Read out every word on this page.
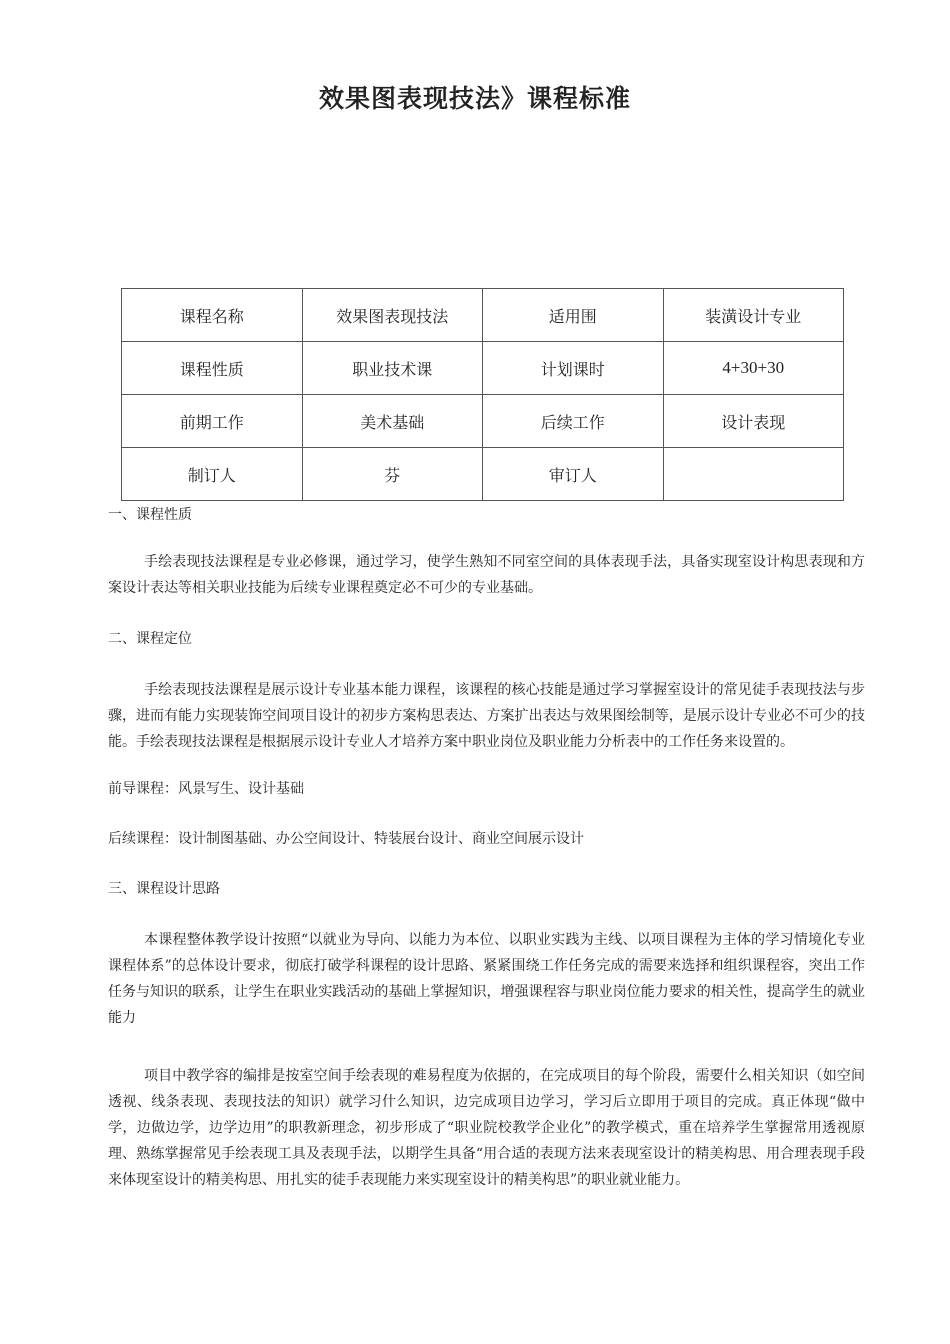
效果图表现技法》课程标准
课程名称	效果图表现技法	适用围	装潢设计专业
课程性质	职业技术课	计划课时	4+30+30
前期工作	美术基础	后续工作	设计表现
制订人	芬	审订人	

一、课程性质

手绘表现技法课程是专业必修课，通过学习，使学生熟知不同室空间的具体表现手法，具备实现室设计构思表现和方案设计表达等相关职业技能为后续专业课程奠定必不可少的专业基础。

二、课程定位

手绘表现技法课程是展示设计专业基本能力课程，该课程的核心技能是通过学习掌握室设计的常见徒手表现技法与步骤，进而有能力实现装饰空间项目设计的初步方案构思表达、方案扩出表达与效果图绘制等，是展示设计专业必不可少的技能。手绘表现技法课程是根据展示设计专业人才培养方案中职业岗位及职业能力分析表中的工作任务来设置的。

前导课程：风景写生、设计基础

后续课程：设计制图基础、办公空间设计、特装展台设计、商业空间展示设计

三、课程设计思路

本课程整体教学设计按照“以就业为导向、以能力为本位、以职业实践为主线、以项目课程为主体的学习情境化专业课程体系”的总体设计要求，彻底打破学科课程的设计思路、紧紧围绕工作任务完成的需要来选择和组织课程容，突出工作任务与知识的联系，让学生在职业实践活动的基础上掌握知识，增强课程容与职业岗位能力要求的相关性，提高学生的就业能力

项目中教学容的编排是按室空间手绘表现的难易程度为依据的，在完成项目的每个阶段，需要什么相关知识（如空间透视、线条表现、表现技法的知识）就学习什么知识，边完成项目边学习，学习后立即用于项目的完成。真正体现“做中学，边做边学，边学边用”的职教新理念，初步形成了“职业院校教学企业化”的教学模式，重在培养学生掌握常用透视原理、熟练掌握常见手绘表现工具及表现手法，以期学生具备“用合适的表现方法来表现室设计的精美构思、用合理表现手段来体现室设计的精美构思、用扎实的徒手表现能力来实现室设计的精美构思”的职业就业能力。
